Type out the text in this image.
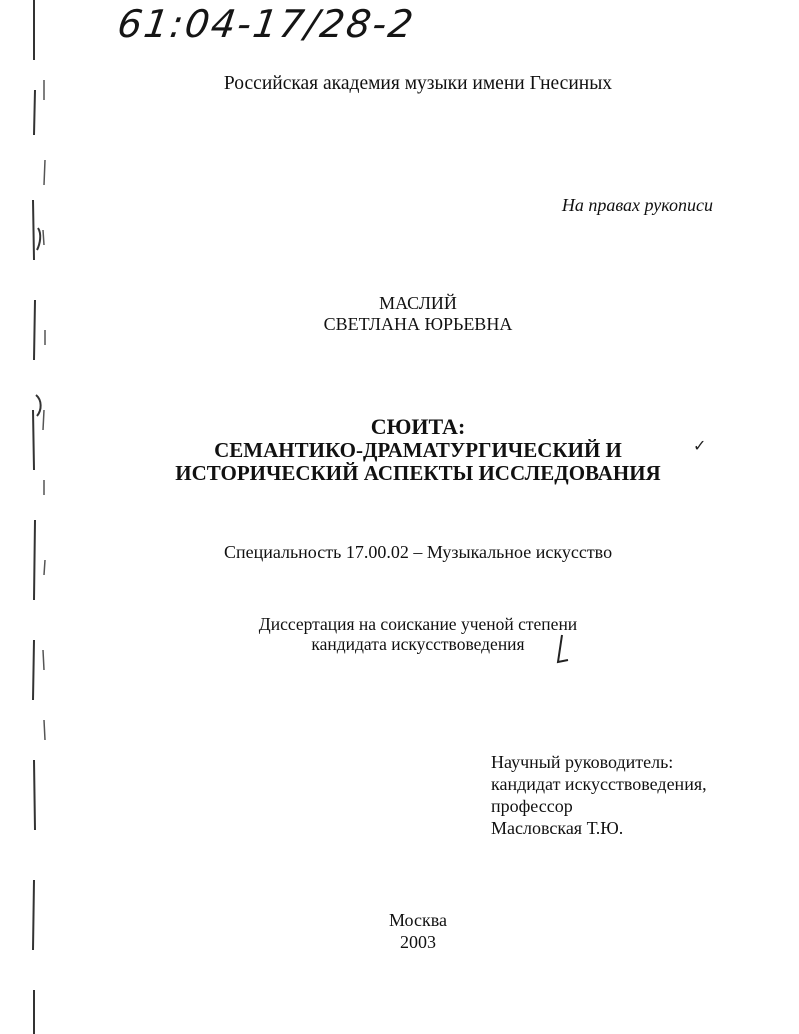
61:04-17/28-2
Российская академия музыки имени Гнесиных
На правах рукописи
МАСЛИЙ
СВЕТЛАНА ЮРЬЕВНА
СЮИТА:
СЕМАНТИКО-ДРАМАТУРГИЧЕСКИЙ И
ИСТОРИЧЕСКИЙ АСПЕКТЫ ИССЛЕДОВАНИЯ
✓
Специальность 17.00.02 – Музыкальное искусство
Диссертация на соискание ученой степени
кандидата искусствоведения
Научный руководитель:
кандидат искусствоведения,
профессор
Масловская Т.Ю.
Москва
2003
